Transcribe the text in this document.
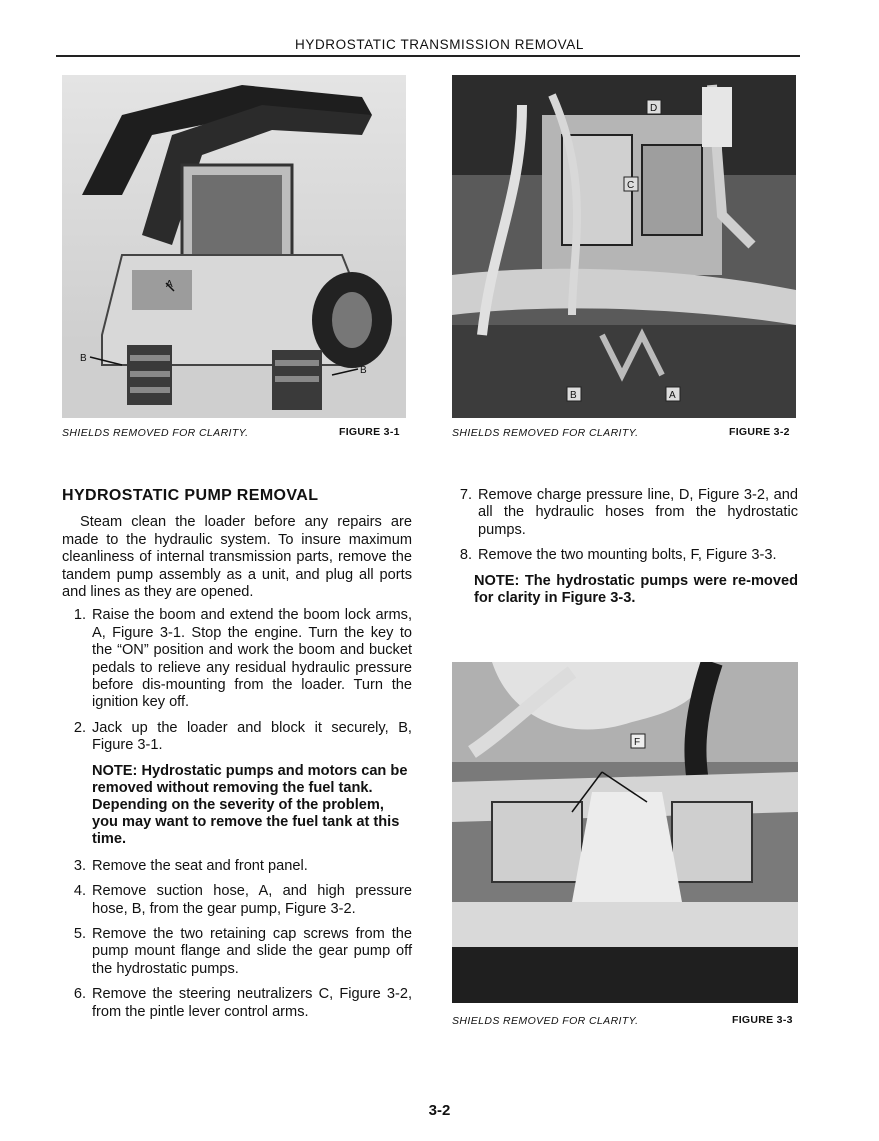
HYDROSTATIC TRANSMISSION REMOVAL
B
A
B
SHIELDS REMOVED FOR CLARITY.	FIGURE 3-1
D
C
B	A
SHIELDS REMOVED FOR CLARITY.	FIGURE 3-2
HYDROSTATIC PUMP REMOVAL

Steam clean the loader before any repairs are made to the hydraulic system. To insure maximum cleanliness of internal transmission parts, remove the tandem pump assembly as a unit, and plug all ports and lines as they are opened.

1. Raise the boom and extend the boom lock arms, A, Figure 3-1. Stop the engine. Turn the key to the “ON” position and work the boom and bucket pedals to relieve any residual hydraulic pressure before dis-mounting from the loader. Turn the ignition key off.
2. Jack up the loader and block it securely, B, Figure 3-1.

NOTE: Hydrostatic pumps and motors can be removed without removing the fuel tank. Depending on the severity of the problem, you may want to remove the fuel tank at this time.

3. Remove the seat and front panel.
4. Remove suction hose, A, and high pressure hose, B, from the gear pump, Figure 3-2.
5. Remove the two retaining cap screws from the pump mount flange and slide the gear pump off the hydrostatic pumps.
6. Remove the steering neutralizers C, Figure 3-2, from the pintle lever control arms.
7. Remove charge pressure line, D, Figure 3-2, and all the hydraulic hoses from the hydrostatic pumps.
8. Remove the two mounting bolts, F, Figure 3-3.

NOTE: The hydrostatic pumps were re-moved for clarity in Figure 3-3.

F
SHIELDS REMOVED FOR CLARITY.	FIGURE 3-3
3-2
